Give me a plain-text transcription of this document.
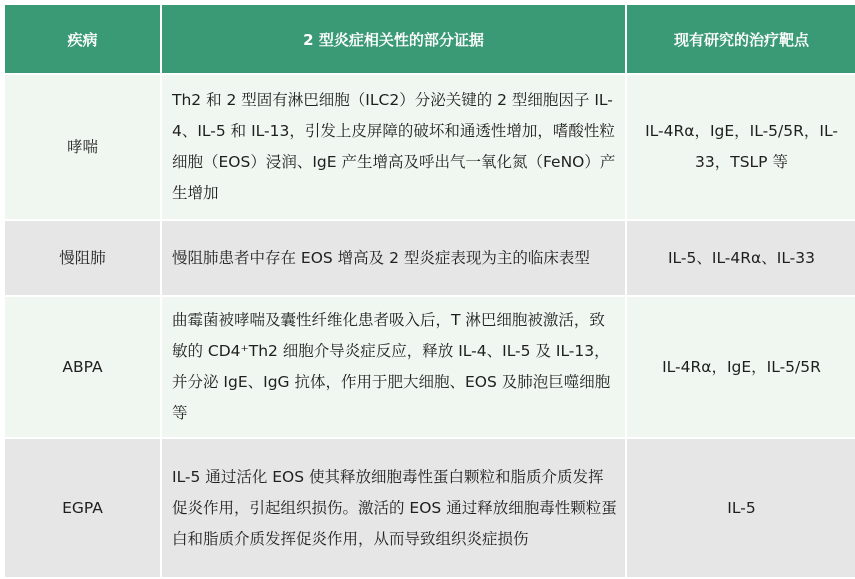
疾病	2 型炎症相关性的部分证据	现有研究的治疗靶点
哮喘	Th2 和 2 型固有淋巴细胞（ILC2）分泌关键的 2 型细胞因子 IL-4、IL-5 和 IL-13，引发上皮屏障的破坏和通透性增加，嗜酸性粒细胞（EOS）浸润、IgE 产生增高及呼出气一氧化氮（FeNO）产生增加	IL-4Rα，IgE，IL-5/5R，IL-33，TSLP 等
慢阻肺	慢阻肺患者中存在 EOS 增高及 2 型炎症表现为主的临床表型	IL-5、IL-4Rα、IL-33
ABPA	曲霉菌被哮喘及囊性纤维化患者吸入后，T 淋巴细胞被激活，致敏的 CD4⁺Th2 细胞介导炎症反应，释放 IL-4、IL-5 及 IL-13，并分泌 IgE、IgG 抗体，作用于肥大细胞、EOS 及肺泡巨噬细胞等	IL-4Rα，IgE，IL-5/5R
EGPA	IL-5 通过活化 EOS 使其释放细胞毒性蛋白颗粒和脂质介质发挥促炎作用，引起组织损伤。激活的 EOS 通过释放细胞毒性颗粒蛋白和脂质介质发挥促炎作用，从而导致组织炎症损伤	IL-5
